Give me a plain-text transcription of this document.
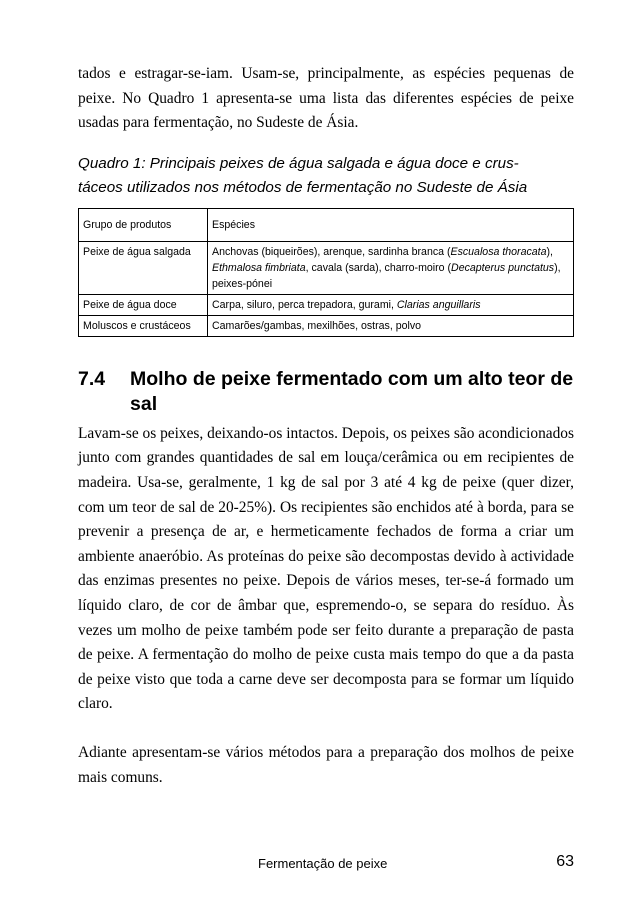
tados e estragar-se-iam. Usam-se, principalmente, as espécies pequenas de peixe. No Quadro 1 apresenta-se uma lista das diferentes espécies de peixe usadas para fermentação, no Sudeste de Ásia.

Quadro 1: Principais peixes de água salgada e água doce e crus-
táceos utilizados nos métodos de fermentação no Sudeste de Ásia
Grupo de produtos	Espécies
Peixe de água salgada	Anchovas (biqueirões), arenque, sardinha branca (Escualosa thoracata), Ethmalosa fimbriata, cavala (sarda), charro-moiro (Decapterus punctatus), peixes-pónei
Peixe de água doce	Carpa, siluro, perca trepadora, gurami, Clarias anguillaris
Moluscos e crustáceos	Camarões/gambas, mexilhões, ostras, polvo
7.4	Molho de peixe fermentado com um alto teor de sal

Lavam-se os peixes, deixando-os intactos. Depois, os peixes são acondicionados junto com grandes quantidades de sal em louça/cerâmica ou em recipientes de madeira. Usa-se, geralmente, 1 kg de sal por 3 até 4 kg de peixe (quer dizer, com um teor de sal de 20-25%). Os recipientes são enchidos até à borda, para se prevenir a presença de ar, e hermeticamente fechados de forma a criar um ambiente anaeróbio. As proteínas do peixe são decompostas devido à actividade das enzimas presentes no peixe. Depois de vários meses, ter-se-á formado um líquido claro, de cor de âmbar que, espremendo-o, se separa do resíduo. Às vezes um molho de peixe também pode ser feito durante a preparação de pasta de peixe. A fermentação do molho de peixe custa mais tempo do que a da pasta de peixe visto que toda a carne deve ser decomposta para se formar um líquido claro.

Adiante apresentam-se vários métodos para a preparação dos molhos de peixe mais comuns.

Fermentação de peixe	63
